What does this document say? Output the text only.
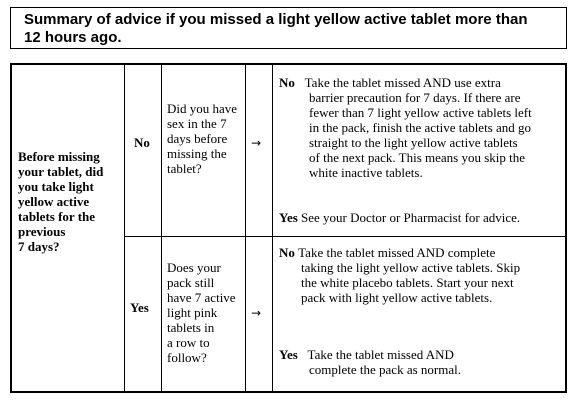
Summary of advice if you missed a light yellow active tablet more than
12 hours ago.
Before missing
your tablet, did
you take light
yellow active
tablets for the
previous
7 days?
No
Did you have
sex in the 7
days before
missing the
tablet?
→
No Take the tablet missed AND use extra
barrier precaution for 7 days. If there are
fewer than 7 light yellow active tablets left
in the pack, finish the active tablets and go
straight to the light yellow active tablets
of the next pack. This means you skip the
white inactive tablets.
Yes See your Doctor or Pharmacist for advice.
Yes
Does your
pack still
have 7 active
light pink
tablets in
a row to
follow?
→
No Take the tablet missed AND complete
taking the light yellow active tablets. Skip
the white placebo tablets. Start your next
pack with light yellow active tablets.
Yes Take the tablet missed AND
complete the pack as normal.
